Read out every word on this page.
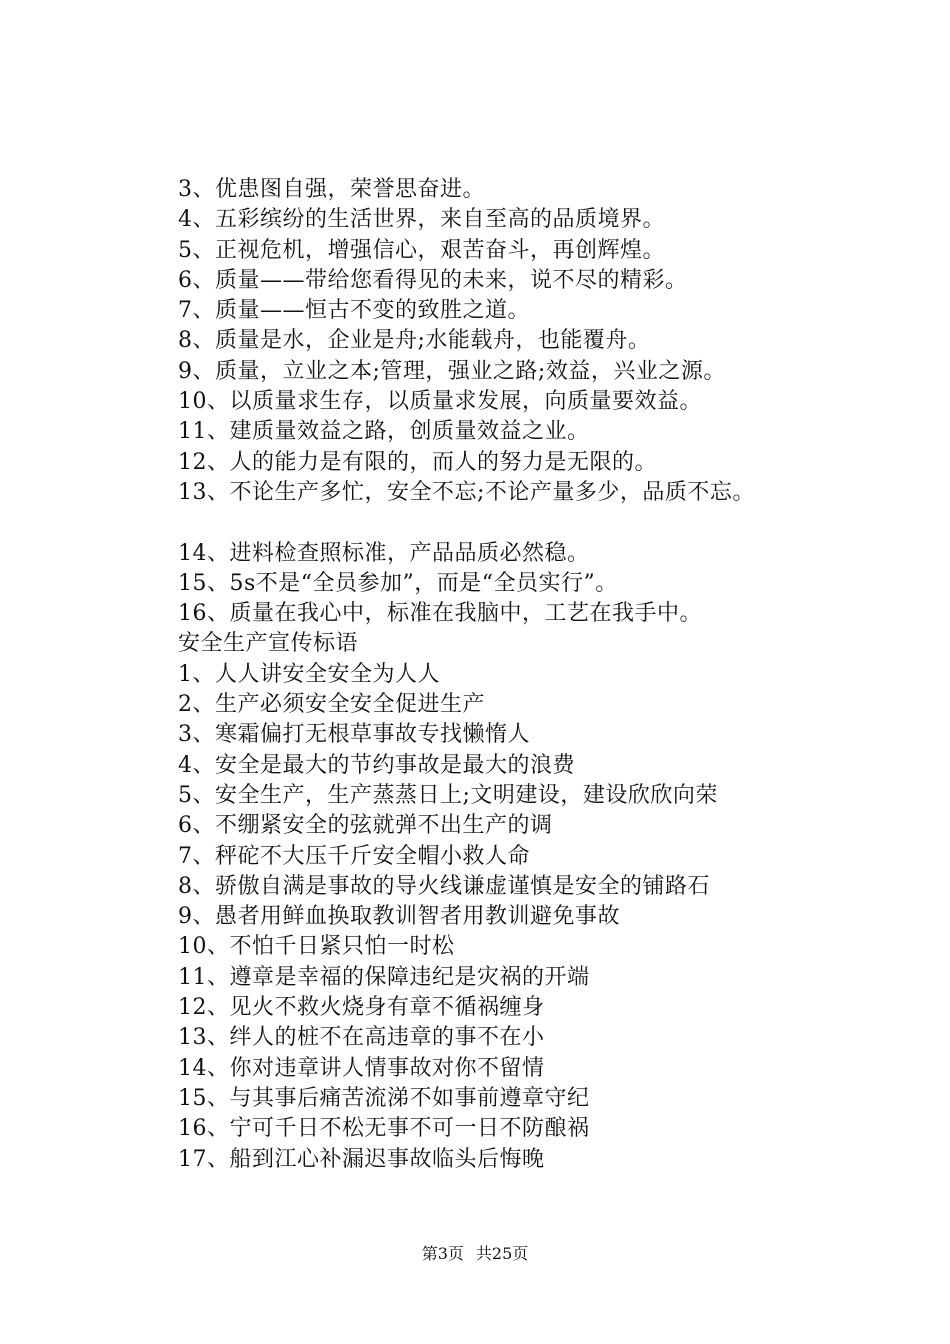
3、优患图自强，荣誉思奋进。
4、五彩缤纷的生活世界，来自至高的品质境界。
5、正视危机，增强信心，艰苦奋斗，再创辉煌。
6、质量——带给您看得见的未来，说不尽的精彩。
7、质量——恒古不变的致胜之道。
8、质量是水，企业是舟;水能载舟，也能覆舟。
9、质量，立业之本;管理，强业之路;效益，兴业之源。
10、以质量求生存，以质量求发展，向质量要效益。
11、建质量效益之路，创质量效益之业。
12、人的能力是有限的，而人的努力是无限的。
13、不论生产多忙，安全不忘;不论产量多少，品质不忘。
14、进料检查照标准，产品品质必然稳。
15、5s不是“全员参加”，而是“全员实行”。
16、质量在我心中，标准在我脑中，工艺在我手中。
安全生产宣传标语
1、人人讲安全安全为人人
2、生产必须安全安全促进生产
3、寒霜偏打无根草事故专找懒惰人
4、安全是最大的节约事故是最大的浪费
5、安全生产，生产蒸蒸日上;文明建设，建设欣欣向荣
6、不绷紧安全的弦就弹不出生产的调
7、秤砣不大压千斤安全帽小救人命
8、骄傲自满是事故的导火线谦虚谨慎是安全的铺路石
9、愚者用鲜血换取教训智者用教训避免事故
10、不怕千日紧只怕一时松
11、遵章是幸福的保障违纪是灾祸的开端
12、见火不救火烧身有章不循祸缠身
13、绊人的桩不在高违章的事不在小
14、你对违章讲人情事故对你不留情
15、与其事后痛苦流涕不如事前遵章守纪
16、宁可千日不松无事不可一日不防酿祸
17、船到江心补漏迟事故临头后悔晚
第3页 共25页
